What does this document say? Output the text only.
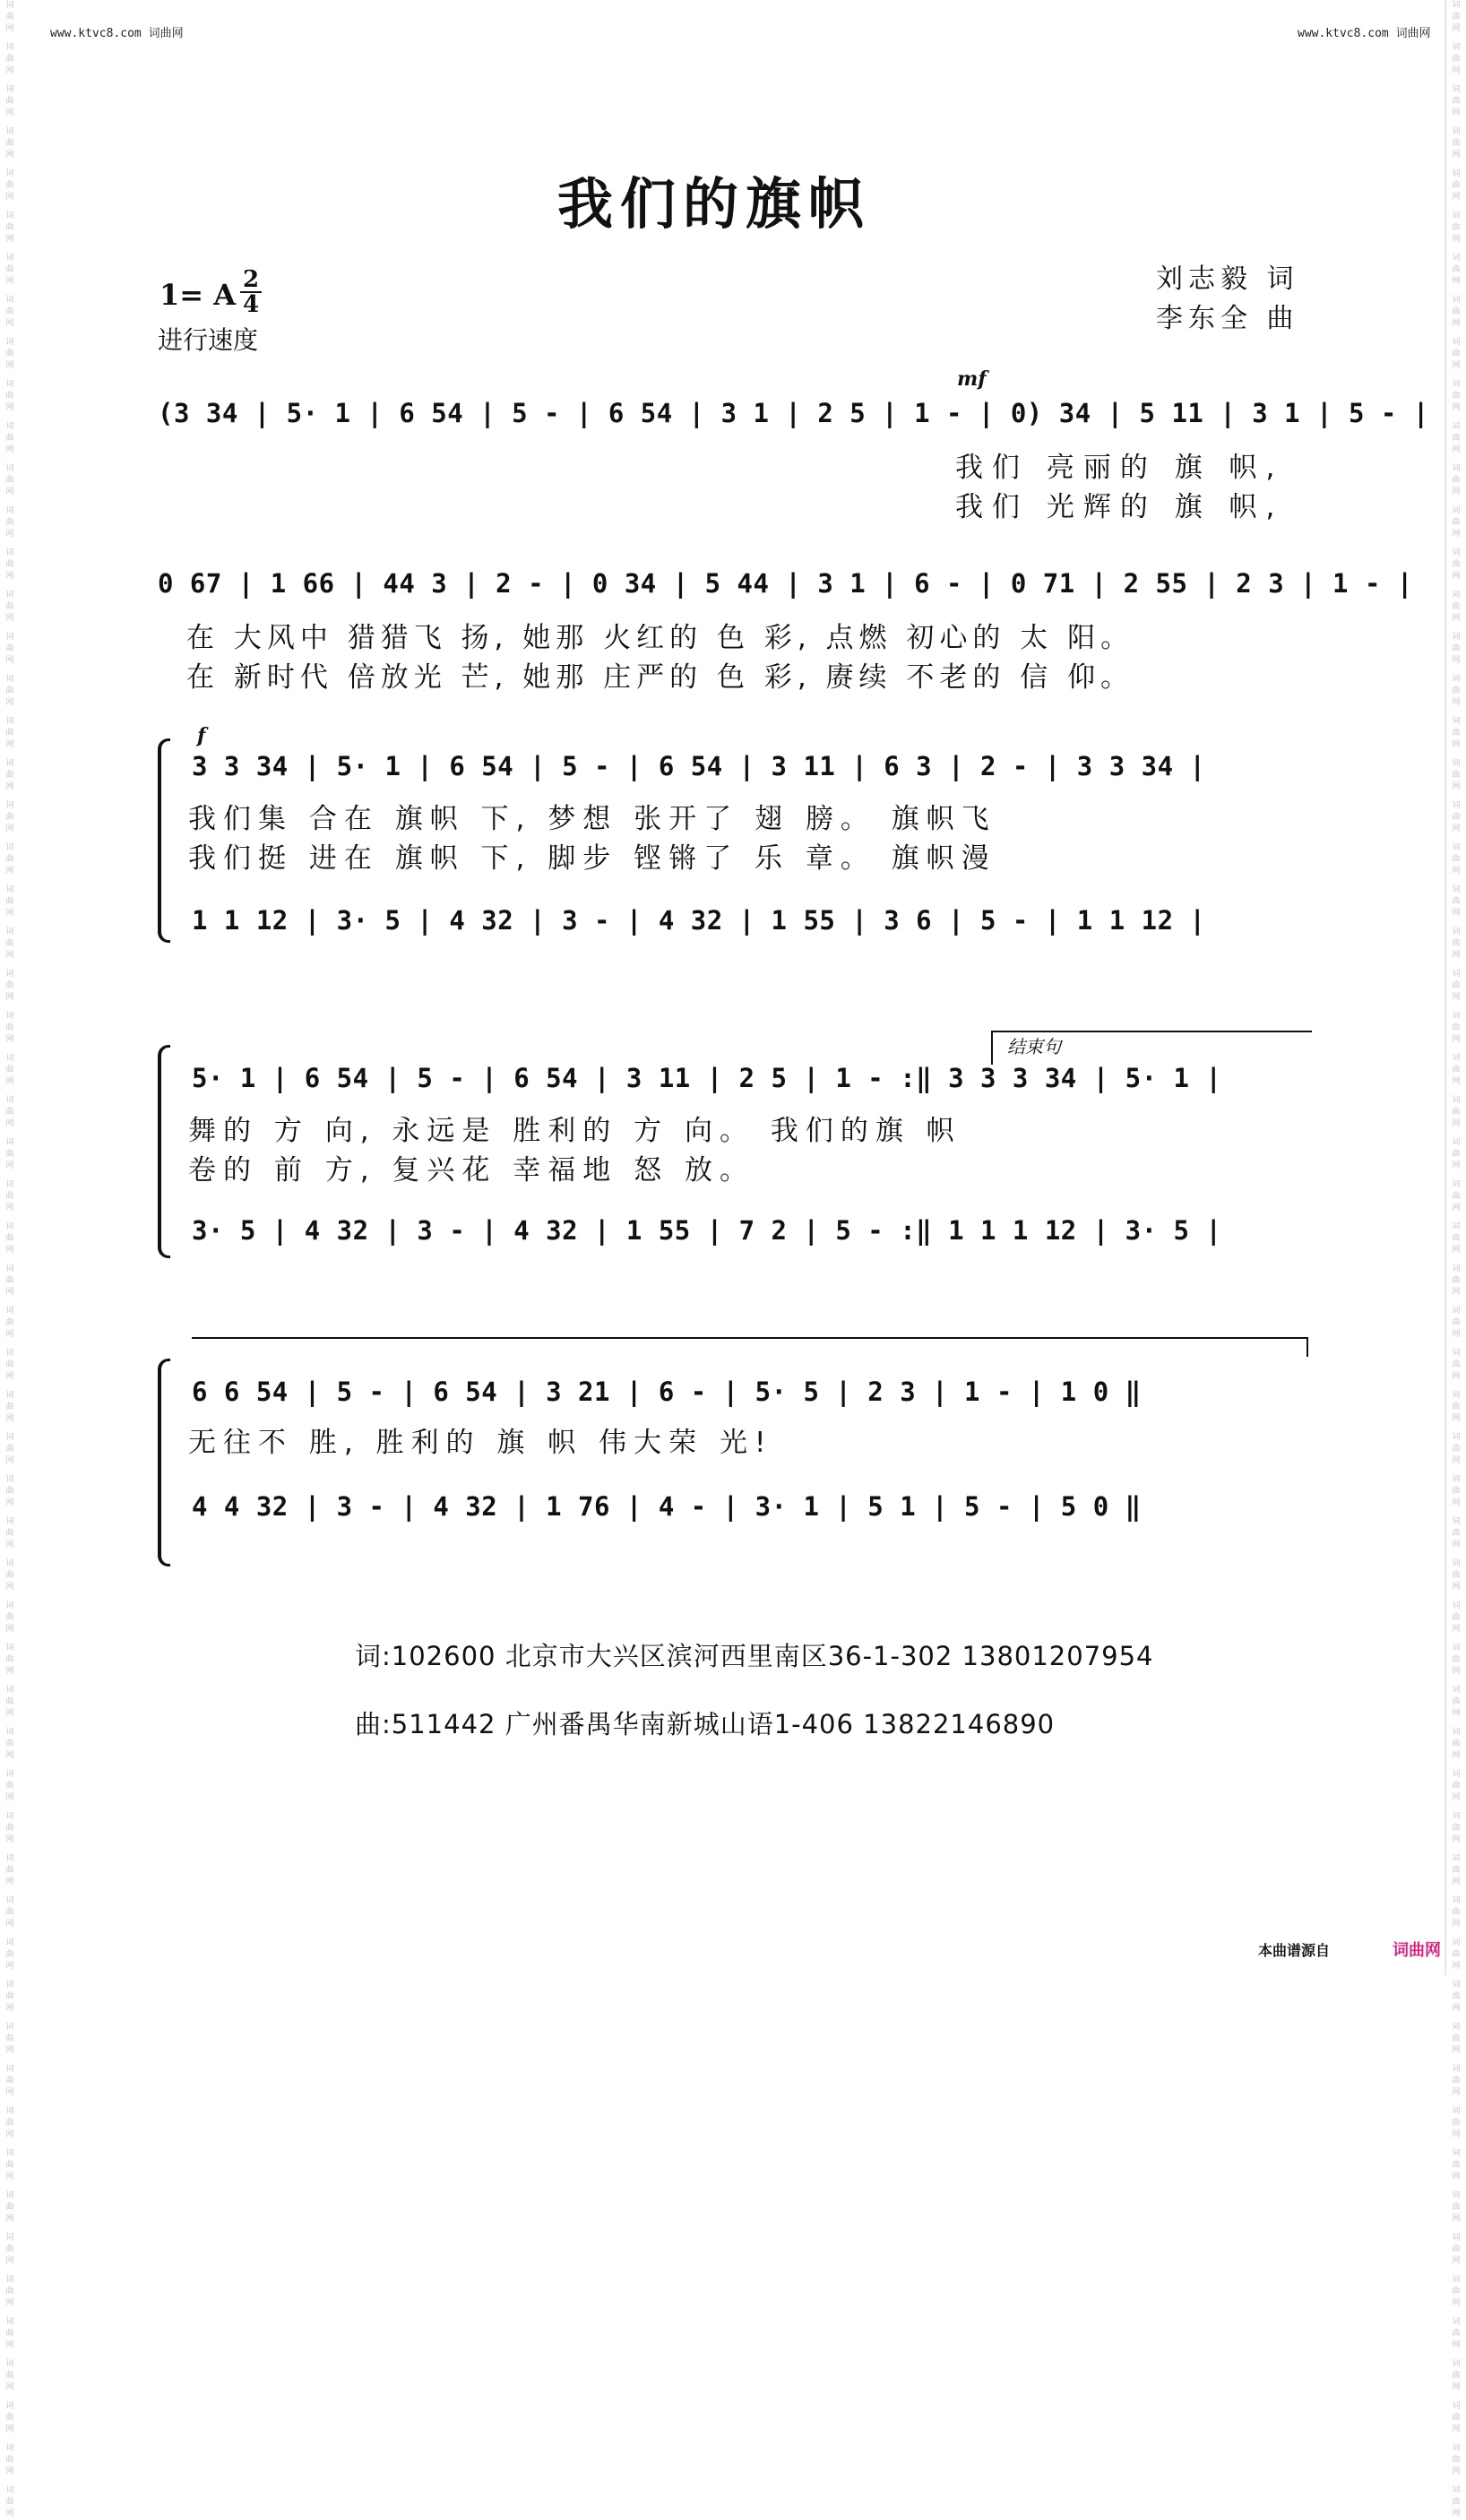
词曲网
词曲网
词曲网
词曲网
词曲网
词曲网
词曲网
词曲网
词曲网
词曲网
词曲网
词曲网
词曲网
词曲网
词曲网
词曲网
词曲网
词曲网
词曲网
词曲网
词曲网
词曲网
词曲网
词曲网
词曲网
词曲网
词曲网
词曲网
词曲网
词曲网
词曲网
词曲网
词曲网
词曲网
词曲网
词曲网
词曲网
词曲网
词曲网
词曲网
词曲网
词曲网
词曲网
词曲网
词曲网
词曲网
词曲网
词曲网
词曲网
词曲网
词曲网
词曲网
词曲网
词曲网
词曲网
词曲网
词曲网
词曲网
词曲网
词曲网
词曲网
词曲网
词曲网
词曲网
词曲网
词曲网
词曲网
词曲网
词曲网
词曲网
词曲网
词曲网
词曲网
词曲网
词曲网
词曲网
词曲网
词曲网
词曲网
词曲网
词曲网
词曲网
词曲网
词曲网
词曲网
词曲网
词曲网
词曲网
词曲网
词曲网
词曲网
词曲网
词曲网
词曲网
词曲网
词曲网
词曲网
词曲网
词曲网
词曲网
词曲网
词曲网
词曲网
词曲网
词曲网
词曲网
词曲网
词曲网
词曲网
词曲网
词曲网
词曲网
词曲网
词曲网
词曲网
词曲网
词曲网
词曲网
词曲网
词曲网
www.ktvc8.com 词曲网	www.ktvc8.com 词曲网
我们的旗帜
1= A 2
4
进行速度
刘志毅 词
李东全 曲
mf
(3 34 | 5· 1 | 6 54 | 5 - | 6 54 | 3 1 | 2 5 | 1 - | 0) 34 | 5 11 | 3 1 | 5 - |
我们 亮丽的 旗 帜,
我们 光辉的 旗 帜,
0 67 | 1 66 | 44 3 | 2 - | 0 34 | 5 44 | 3 1 | 6 - | 0 71 | 2 55 | 2 3 | 1 - |
在 大风中 猎猎飞 扬, 她那 火红的 色 彩, 点燃 初心的 太 阳。
在 新时代 倍放光 芒, 她那 庄严的 色 彩, 赓续 不老的 信 仰。
f
3 3 34 | 5· 1 | 6 54 | 5 - | 6 54 | 3 11 | 6 3 | 2 - | 3 3 34 |
我们集 合在 旗帜 下, 梦想 张开了 翅 膀。 旗帜飞
我们挺 进在 旗帜 下, 脚步 铿锵了 乐 章。 旗帜漫
1 1 12 | 3· 5 | 4 32 | 3 - | 4 32 | 1 55 | 3 6 | 5 - | 1 1 12 |
结束句
5· 1 | 6 54 | 5 - | 6 54 | 3 11 | 2 5 | 1 - :‖ 3 3 3 34 | 5· 1 |
舞的 方 向, 永远是 胜利的 方 向。 我们的旗 帜
卷的 前 方, 复兴花 幸福地 怒 放。
3· 5 | 4 32 | 3 - | 4 32 | 1 55 | 7 2 | 5 - :‖ 1 1 1 12 | 3· 5 |
6 6 54 | 5 - | 6 54 | 3 21 | 6 - | 5· 5 | 2 3 | 1 - | 1 0 ‖
无往不 胜, 胜利的 旗 帜 伟大荣 光!
4 4 32 | 3 - | 4 32 | 1 76 | 4 - | 3· 1 | 5 1 | 5 - | 5 0 ‖
词:102600 北京市大兴区滨河西里南区36-1-302 13801207954
曲:511442 广州番禺华南新城山语1-406 13822146890
本曲谱源自	词曲网
